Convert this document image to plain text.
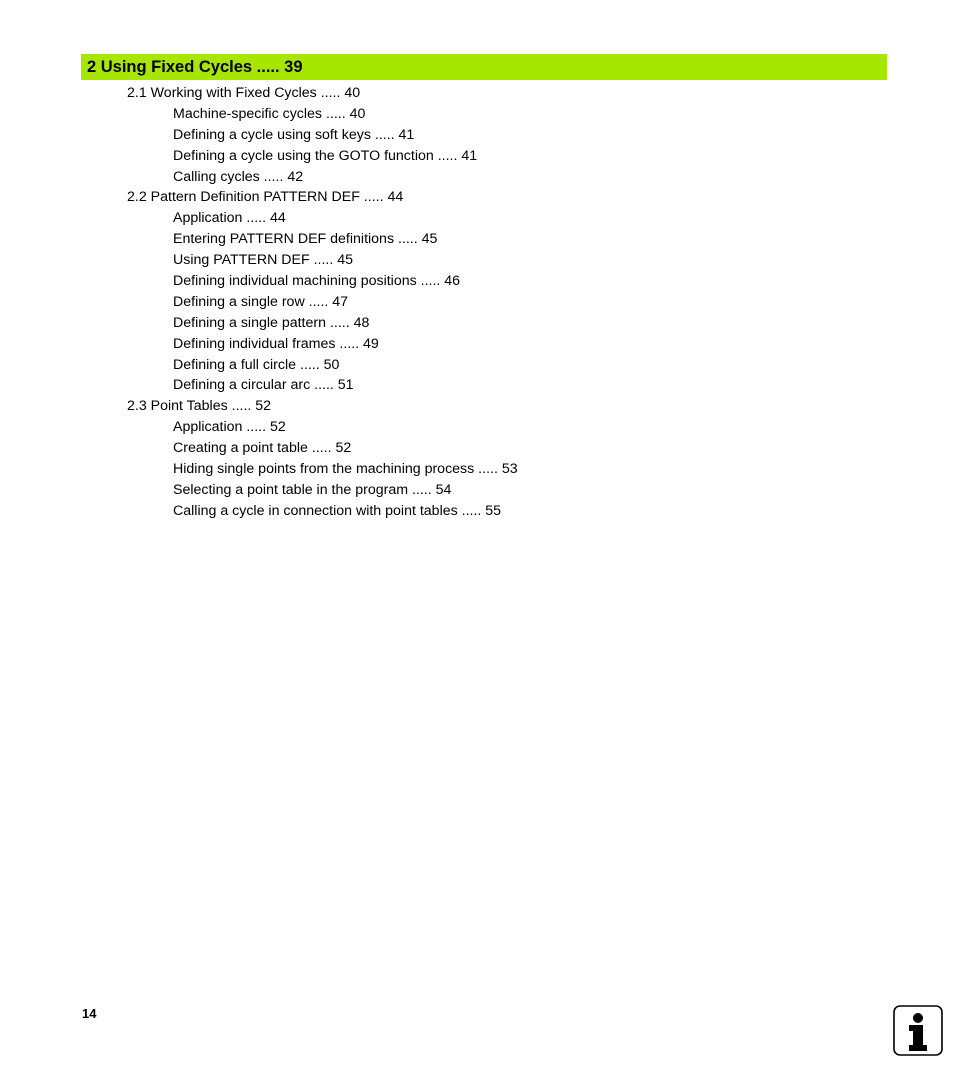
2 Using Fixed Cycles ..... 39
2.1 Working with Fixed Cycles ..... 40
Machine-specific cycles ..... 40
Defining a cycle using soft keys ..... 41
Defining a cycle using the GOTO function ..... 41
Calling cycles ..... 42
2.2 Pattern Definition PATTERN DEF ..... 44
Application ..... 44
Entering PATTERN DEF definitions ..... 45
Using PATTERN DEF ..... 45
Defining individual machining positions ..... 46
Defining a single row ..... 47
Defining a single pattern ..... 48
Defining individual frames ..... 49
Defining a full circle ..... 50
Defining a circular arc ..... 51
2.3 Point Tables ..... 52
Application ..... 52
Creating a point table ..... 52
Hiding single points from the machining process ..... 53
Selecting a point table in the program ..... 54
Calling a cycle in connection with point tables ..... 55
14
